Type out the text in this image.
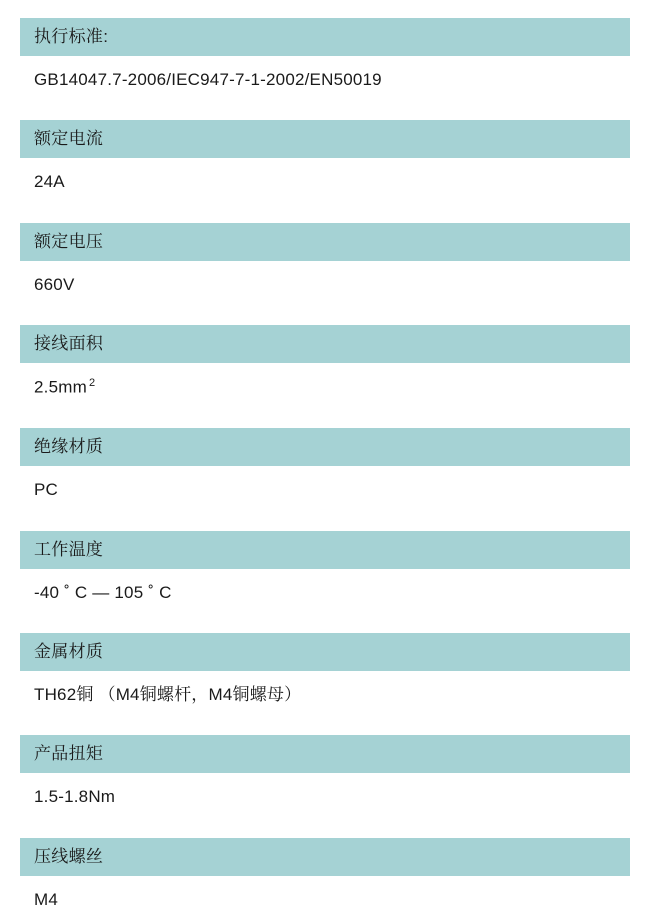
执行标准:
GB14047.7-2006/IEC947-7-1-2002/EN50019
额定电流
24A
额定电压
660V
接线面积
2.5mm $^2$
绝缘材质
PC
工作温度
-40 ˚ C — 105 ˚ C
金属材质
TH62铜 （M4铜螺杆，M4铜螺母）
产品扭矩
1.5-1.8Nm
压线螺丝
M4
